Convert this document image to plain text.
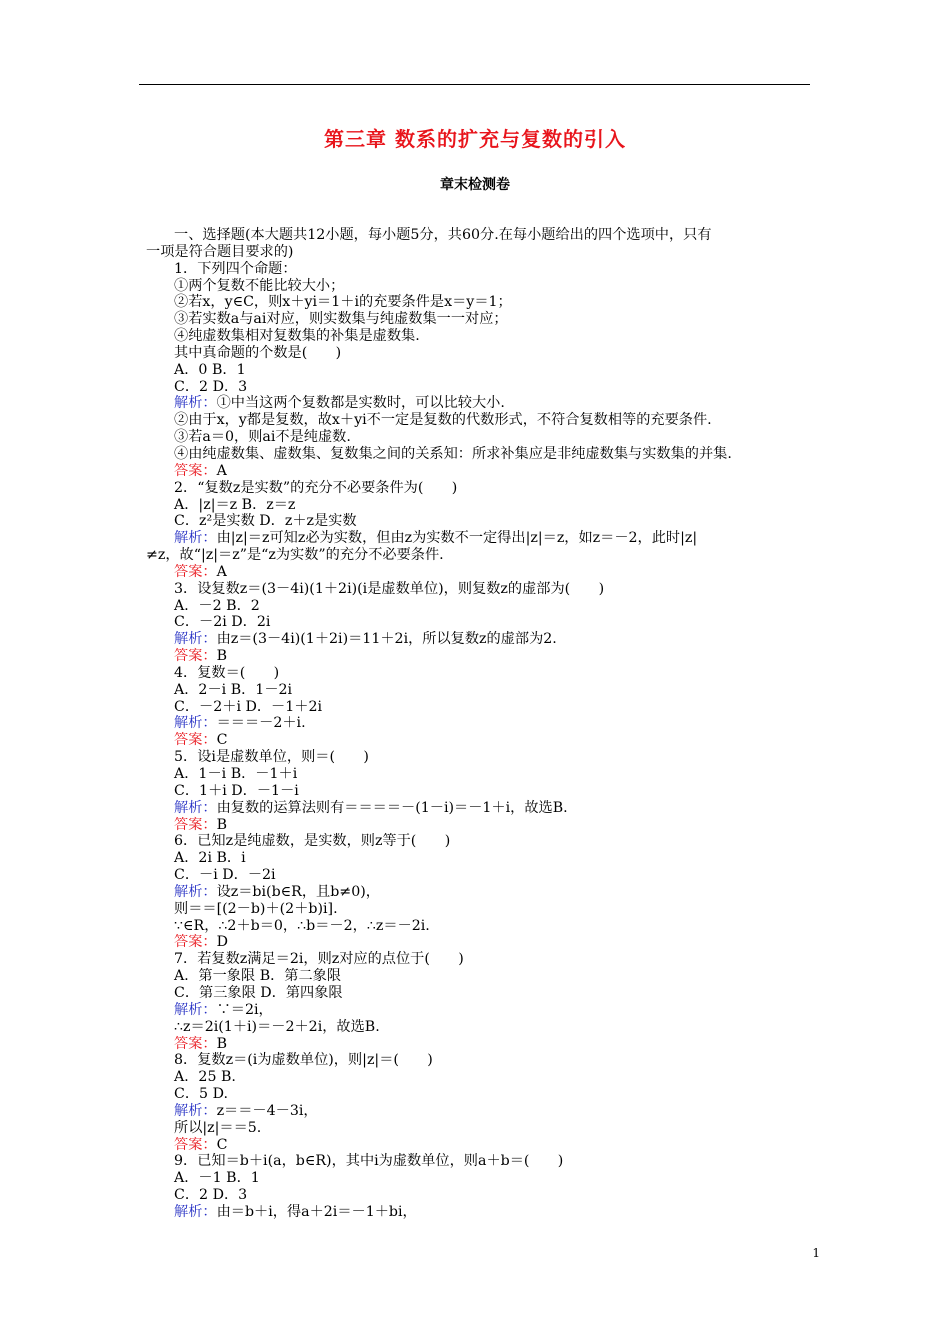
第三章 数系的扩充与复数的引入
章末检测卷
一、选择题(本大题共12小题，每小题5分，共60分.在每小题给出的四个选项中，只有
一项是符合题目要求的)
1．下列四个命题：
①两个复数不能比较大小；
②若x，y∈C，则x＋yi＝1＋i的充要条件是x＝y＝1；
③若实数a与ai对应，则实数集与纯虚数集一一对应；
④纯虚数集相对复数集的补集是虚数集.
其中真命题的个数是(　　)
A．0 B．1
C．2 D．3
解析：①中当这两个复数都是实数时，可以比较大小.
②由于x，y都是复数，故x＋yi不一定是复数的代数形式，不符合复数相等的充要条件.
③若a＝0，则ai不是纯虚数.
④由纯虚数集、虚数集、复数集之间的关系知：所求补集应是非纯虚数集与实数集的并集.
答案：A
2．“复数z是实数”的充分不必要条件为(　　)
A．|z|＝z B．z＝z
C．z²是实数 D．z＋z是实数
解析：由|z|＝z可知z必为实数，但由z为实数不一定得出|z|＝z，如z＝－2，此时|z|
≠z，故“|z|＝z”是“z为实数”的充分不必要条件.
答案：A
3．设复数z＝(3－4i)(1＋2i)(i是虚数单位)，则复数z的虚部为(　　)
A．－2 B．2
C．－2i D．2i
解析：由z＝(3－4i)(1＋2i)＝11＋2i，所以复数z的虚部为2.
答案：B
4．复数＝(　　)
A．2－i B．1－2i
C．－2＋i D．－1＋2i
解析：＝＝＝－2＋i.
答案：C
5．设i是虚数单位，则＝(　　)
A．1－i B．－1＋i
C．1＋i D．－1－i
解析：由复数的运算法则有＝＝＝＝－(1－i)＝－1＋i，故选B.
答案：B
6．已知z是纯虚数，是实数，则z等于(　　)
A．2i B．i
C．－i D．－2i
解析：设z＝bi(b∈R，且b≠0)，
则＝＝[(2－b)＋(2＋b)i].
∵∈R，∴2＋b＝0，∴b＝－2，∴z＝－2i.
答案：D
7．若复数z满足＝2i，则z对应的点位于(　　)
A．第一象限 B．第二象限
C．第三象限 D．第四象限
解析：∵＝2i，
∴z＝2i(1＋i)＝－2＋2i，故选B.
答案：B
8．复数z＝(i为虚数单位)，则|z|＝(　　)
A．25 B.
C．5 D.
解析：z＝＝－4－3i，
所以|z|＝＝5.
答案：C
9．已知＝b＋i(a，b∈R)，其中i为虚数单位，则a＋b＝(　　)
A．－1 B．1
C．2 D．3
解析：由＝b＋i，得a＋2i＝－1＋bi，
1
